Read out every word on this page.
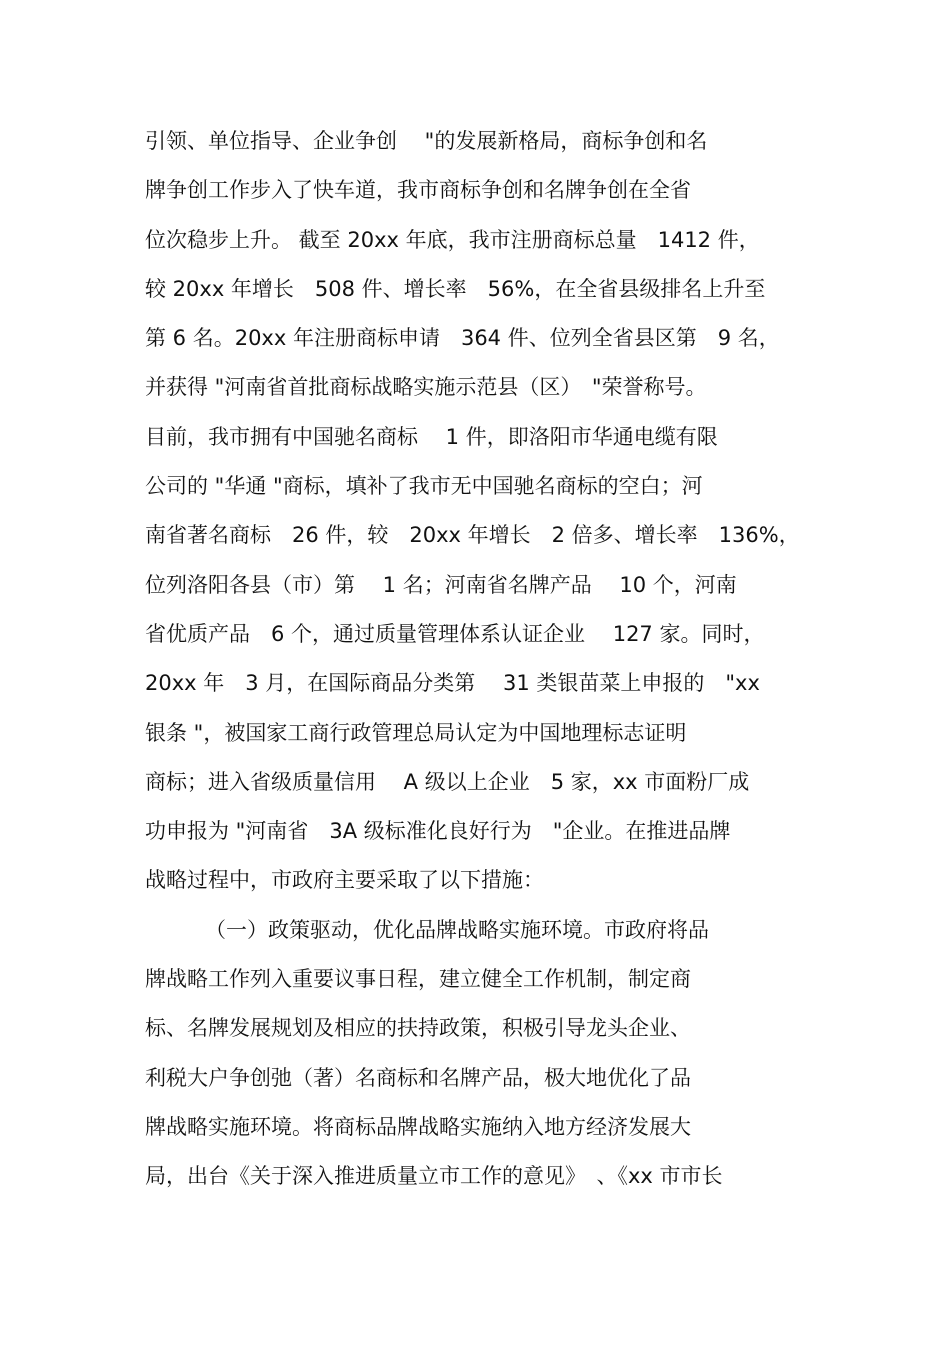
引领、单位指导、企业争创　 "的发展新格局，商标争创和名
牌争创工作步入了快车道，我市商标争创和名牌争创在全省
位次稳步上升。 截至 20xx 年底，我市注册商标总量　1412 件，
较 20xx 年增长　508 件、增长率　56%，在全省县级排名上升至
第 6 名。20xx 年注册商标申请　364 件、位列全省县区第　9 名，
并获得 "河南省首批商标战略实施示范县（区）　"荣誉称号。
目前，我市拥有中国驰名商标　 1 件，即洛阳市华通电缆有限
公司的 "华通 "商标，填补了我市无中国驰名商标的空白；河
南省著名商标　26 件，较　20xx 年增长　2 倍多、增长率　136%，
位列洛阳各县（市）第　 1 名；河南省名牌产品　 10 个，河南
省优质产品　6 个，通过质量管理体系认证企业　 127 家。同时，
20xx 年　3 月，在国际商品分类第　 31 类银苗菜上申报的　"xx
银条 "，被国家工商行政管理总局认定为中国地理标志证明
商标；进入省级质量信用　 A 级以上企业　5 家，xx 市面粉厂成
功申报为 "河南省　3A 级标准化良好行为　"企业。在推进品牌
战略过程中，市政府主要采取了以下措施：
（一）政策驱动，优化品牌战略实施环境。市政府将品
牌战略工作列入重要议事日程，建立健全工作机制，制定商
标、名牌发展规划及相应的扶持政策，积极引导龙头企业、
利税大户争创弛（著）名商标和名牌产品，极大地优化了品
牌战略实施环境。将商标品牌战略实施纳入地方经济发展大
局，出台《关于深入推进质量立市工作的意见》　、《xx 市市长
